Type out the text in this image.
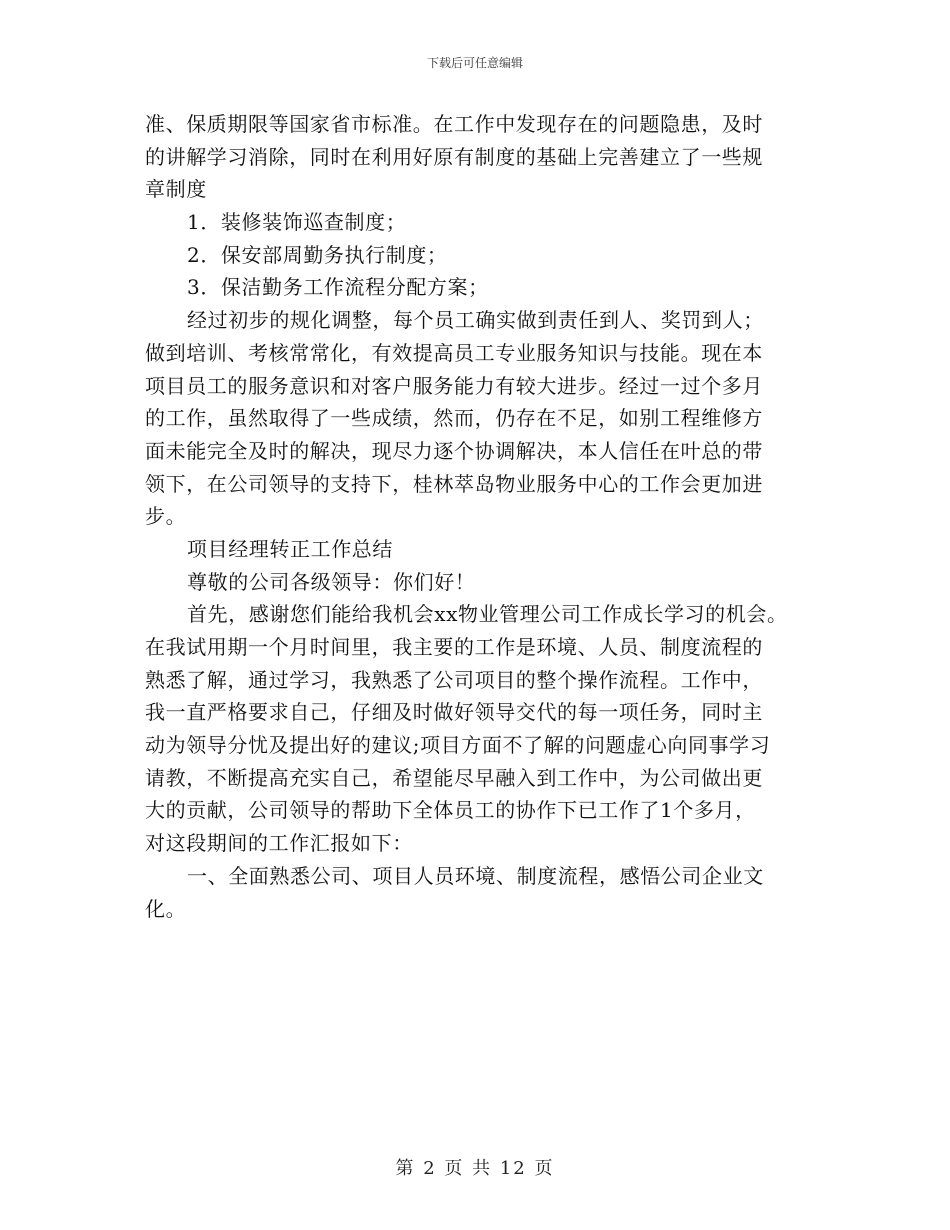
下载后可任意编辑
准、保质期限等国家省市标准。在工作中发现存在的问题隐患，及时
的讲解学习消除，同时在利用好原有制度的基础上完善建立了一些规
章制度
1．装修装饰巡查制度；
2．保安部周勤务执行制度；
3．保洁勤务工作流程分配方案；
经过初步的规化调整，每个员工确实做到责任到人、奖罚到人；
做到培训、考核常常化，有效提高员工专业服务知识与技能。现在本
项目员工的服务意识和对客户服务能力有较大进步。经过一过个多月
的工作，虽然取得了一些成绩，然而，仍存在不足，如别工程维修方
面未能完全及时的解决，现尽力逐个协调解决，本人信任在叶总的带
领下，在公司领导的支持下，桂林萃岛物业服务中心的工作会更加进
步。
项目经理转正工作总结
尊敬的公司各级领导：你们好！
首先，感谢您们能给我机会xx物业管理公司工作成长学习的机会。
在我试用期一个月时间里，我主要的工作是环境、人员、制度流程的
熟悉了解，通过学习，我熟悉了公司项目的整个操作流程。工作中，
我一直严格要求自己，仔细及时做好领导交代的每一项任务，同时主
动为领导分忧及提出好的建议;项目方面不了解的问题虚心向同事学习
请教，不断提高充实自己，希望能尽早融入到工作中，为公司做出更
大的贡献，公司领导的帮助下全体员工的协作下已工作了1个多月，
对这段期间的工作汇报如下：
一、全面熟悉公司、项目人员环境、制度流程，感悟公司企业文
化。
第 2 页 共 12 页
